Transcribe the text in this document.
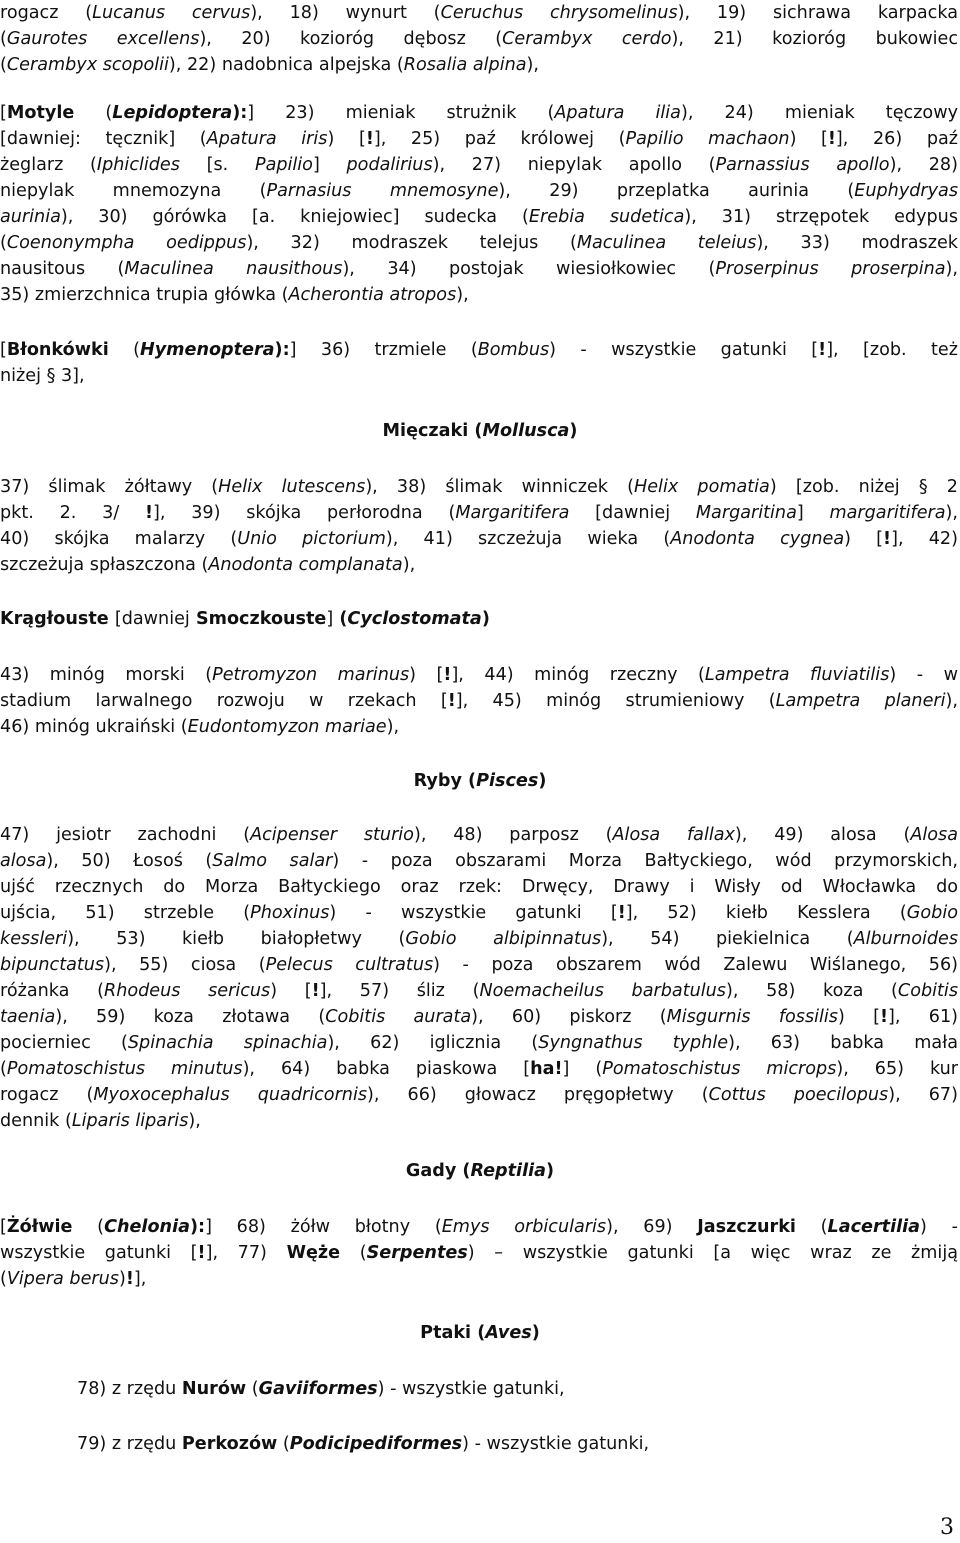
rogacz (Lucanus cervus), 18) wynurt (Ceruchus chrysomelinus), 19) sichrawa karpacka
(Gaurotes excellens), 20) kozioróg dębosz (Cerambyx cerdo), 21) kozioróg bukowiec
(Cerambyx scopolii), 22) nadobnica alpejska (Rosalia alpina),
[Motyle (Lepidoptera):] 23) mieniak strużnik (Apatura ilia), 24) mieniak tęczowy
[dawniej: tęcznik] (Apatura iris) [!], 25) paź królowej (Papilio machaon) [!], 26) paź
żeglarz (Iphiclides [s. Papilio] podalirius), 27) niepylak apollo (Parnassius apollo), 28)
niepylak mnemozyna (Parnasius mnemosyne), 29) przeplatka aurinia (Euphydryas
aurinia), 30) górówka [a. kniejowiec] sudecka (Erebia sudetica), 31) strzępotek edypus
(Coenonympha oedippus), 32) modraszek telejus (Maculinea teleius), 33) modraszek
nausitous (Maculinea nausithous), 34) postojak wiesiołkowiec (Proserpinus proserpina),
35) zmierzchnica trupia główka (Acherontia atropos),
[Błonkówki (Hymenoptera):] 36) trzmiele (Bombus) - wszystkie gatunki [!], [zob. też
niżej § 3],
Mięczaki (Mollusca)
37) ślimak żółtawy (Helix lutescens), 38) ślimak winniczek (Helix pomatia) [zob. niżej § 2
pkt. 2. 3/ !], 39) skójka perłorodna (Margaritifera [dawniej Margaritina] margaritifera),
40) skójka malarzy (Unio pictorium), 41) szczeżuja wieka (Anodonta cygnea) [!], 42)
szczeżuja spłaszczona (Anodonta complanata),
Krągłouste [dawniej Smoczkouste] (Cyclostomata)
43) minóg morski (Petromyzon marinus) [!], 44) minóg rzeczny (Lampetra fluviatilis) - w
stadium larwalnego rozwoju w rzekach [!], 45) minóg strumieniowy (Lampetra planeri),
46) minóg ukraiński (Eudontomyzon mariae),
Ryby (Pisces)
47) jesiotr zachodni (Acipenser sturio), 48) parposz (Alosa fallax), 49) alosa (Alosa
alosa), 50) Łosoś (Salmo salar) - poza obszarami Morza Bałtyckiego, wód przymorskich,
ujść rzecznych do Morza Bałtyckiego oraz rzek: Drwęcy, Drawy i Wisły od Włocławka do
ujścia, 51) strzeble (Phoxinus) - wszystkie gatunki [!], 52) kiełb Kesslera (Gobio
kessleri), 53) kiełb białopłetwy (Gobio albipinnatus), 54) piekielnica (Alburnoides
bipunctatus), 55) ciosa (Pelecus cultratus) - poza obszarem wód Zalewu Wiślanego, 56)
różanka (Rhodeus sericus) [!], 57) śliz (Noemacheilus barbatulus), 58) koza (Cobitis
taenia), 59) koza złotawa (Cobitis aurata), 60) piskorz (Misgurnis fossilis) [!], 61)
pocierniec (Spinachia spinachia), 62) iglicznia (Syngnathus typhle), 63) babka mała
(Pomatoschistus minutus), 64) babka piaskowa [ha!] (Pomatoschistus microps), 65) kur
rogacz (Myoxocephalus quadricornis), 66) głowacz pręgopłetwy (Cottus poecilopus), 67)
dennik (Liparis liparis),
Gady (Reptilia)
[Żółwie (Chelonia):] 68) żółw błotny (Emys orbicularis), 69) Jaszczurki (Lacertilia) -
wszystkie gatunki [!], 77) Węże (Serpentes) – wszystkie gatunki [a więc wraz ze żmiją
(Vipera berus)!],
Ptaki (Aves)
78) z rzędu Nurów (Gaviiformes) - wszystkie gatunki,
79) z rzędu Perkozów (Podicipediformes) - wszystkie gatunki,
3
